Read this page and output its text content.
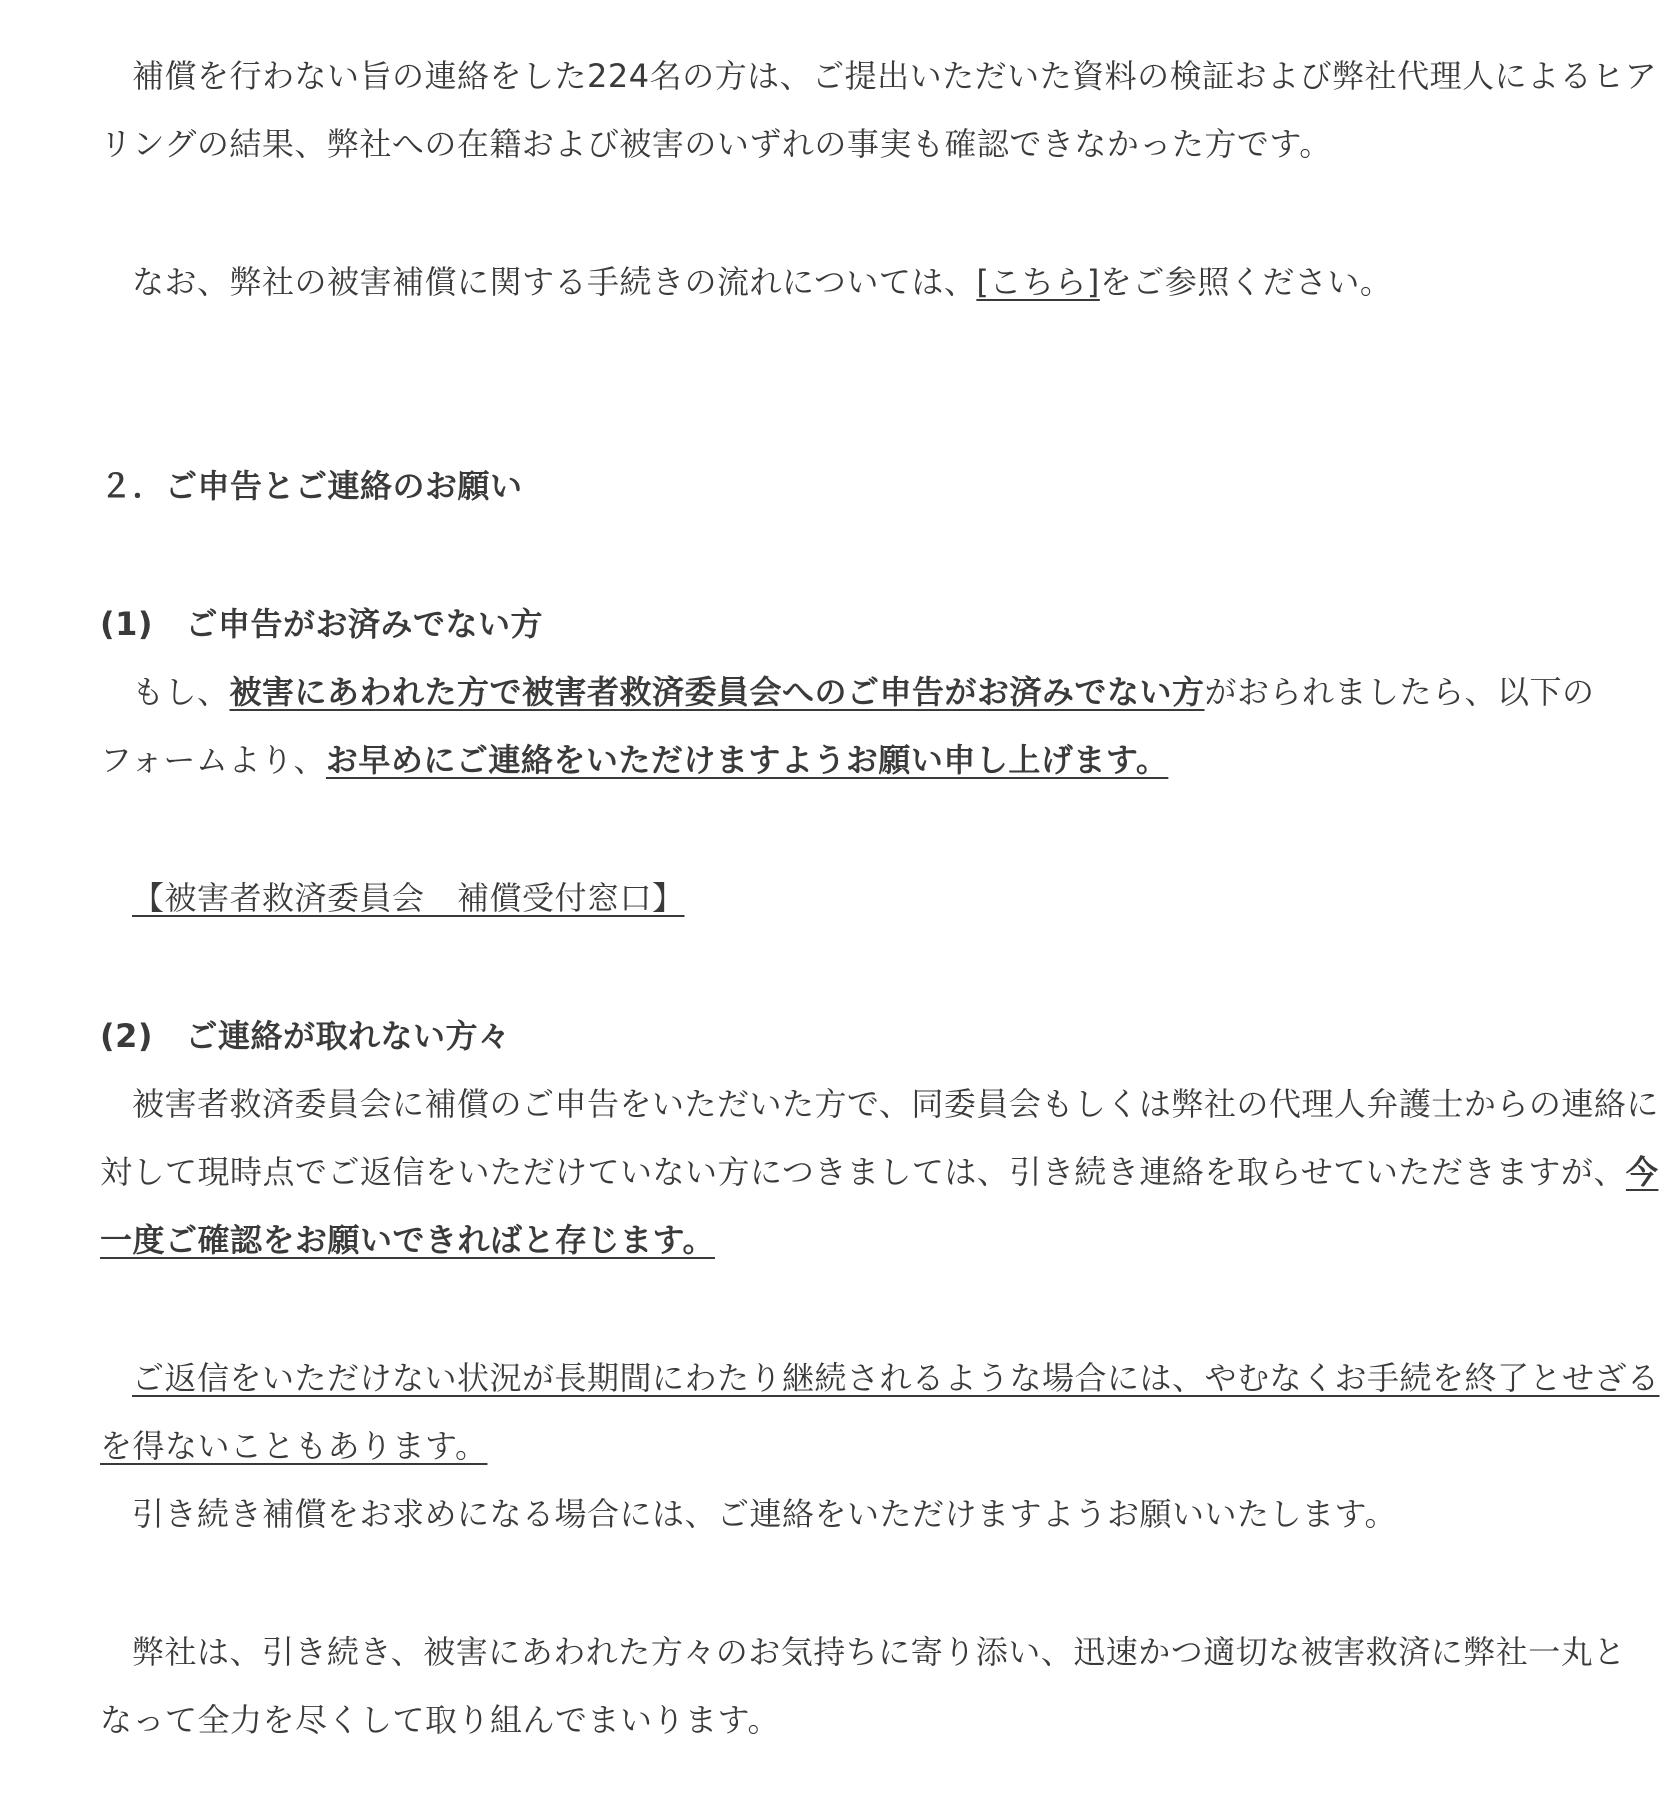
補償を行わない旨の連絡をした224名の方は、ご提出いただいた資料の検証および弊社代理人によるヒア
リングの結果、弊社への在籍および被害のいずれの事実も確認できなかった方です。
なお、弊社の被害補償に関する手続きの流れについては、[こちら]をご参照ください。
２．ご申告とご連絡のお願い
(1)　ご申告がお済みでない方
もし、被害にあわれた方で被害者救済委員会へのご申告がお済みでない方がおられましたら、以下の
フォームより、お早めにご連絡をいただけますようお願い申し上げます。
【被害者救済委員会　補償受付窓口】
(2)　ご連絡が取れない方々
被害者救済委員会に補償のご申告をいただいた方で、同委員会もしくは弊社の代理人弁護士からの連絡に
対して現時点でご返信をいただけていない方につきましては、引き続き連絡を取らせていただきますが、今
一度ご確認をお願いできればと存じます。
ご返信をいただけない状況が長期間にわたり継続されるような場合には、やむなくお手続を終了とせざる
を得ないこともあります。
引き続き補償をお求めになる場合には、ご連絡をいただけますようお願いいたします。
弊社は、引き続き、被害にあわれた方々のお気持ちに寄り添い、迅速かつ適切な被害救済に弊社一丸と
なって全力を尽くして取り組んでまいります。
